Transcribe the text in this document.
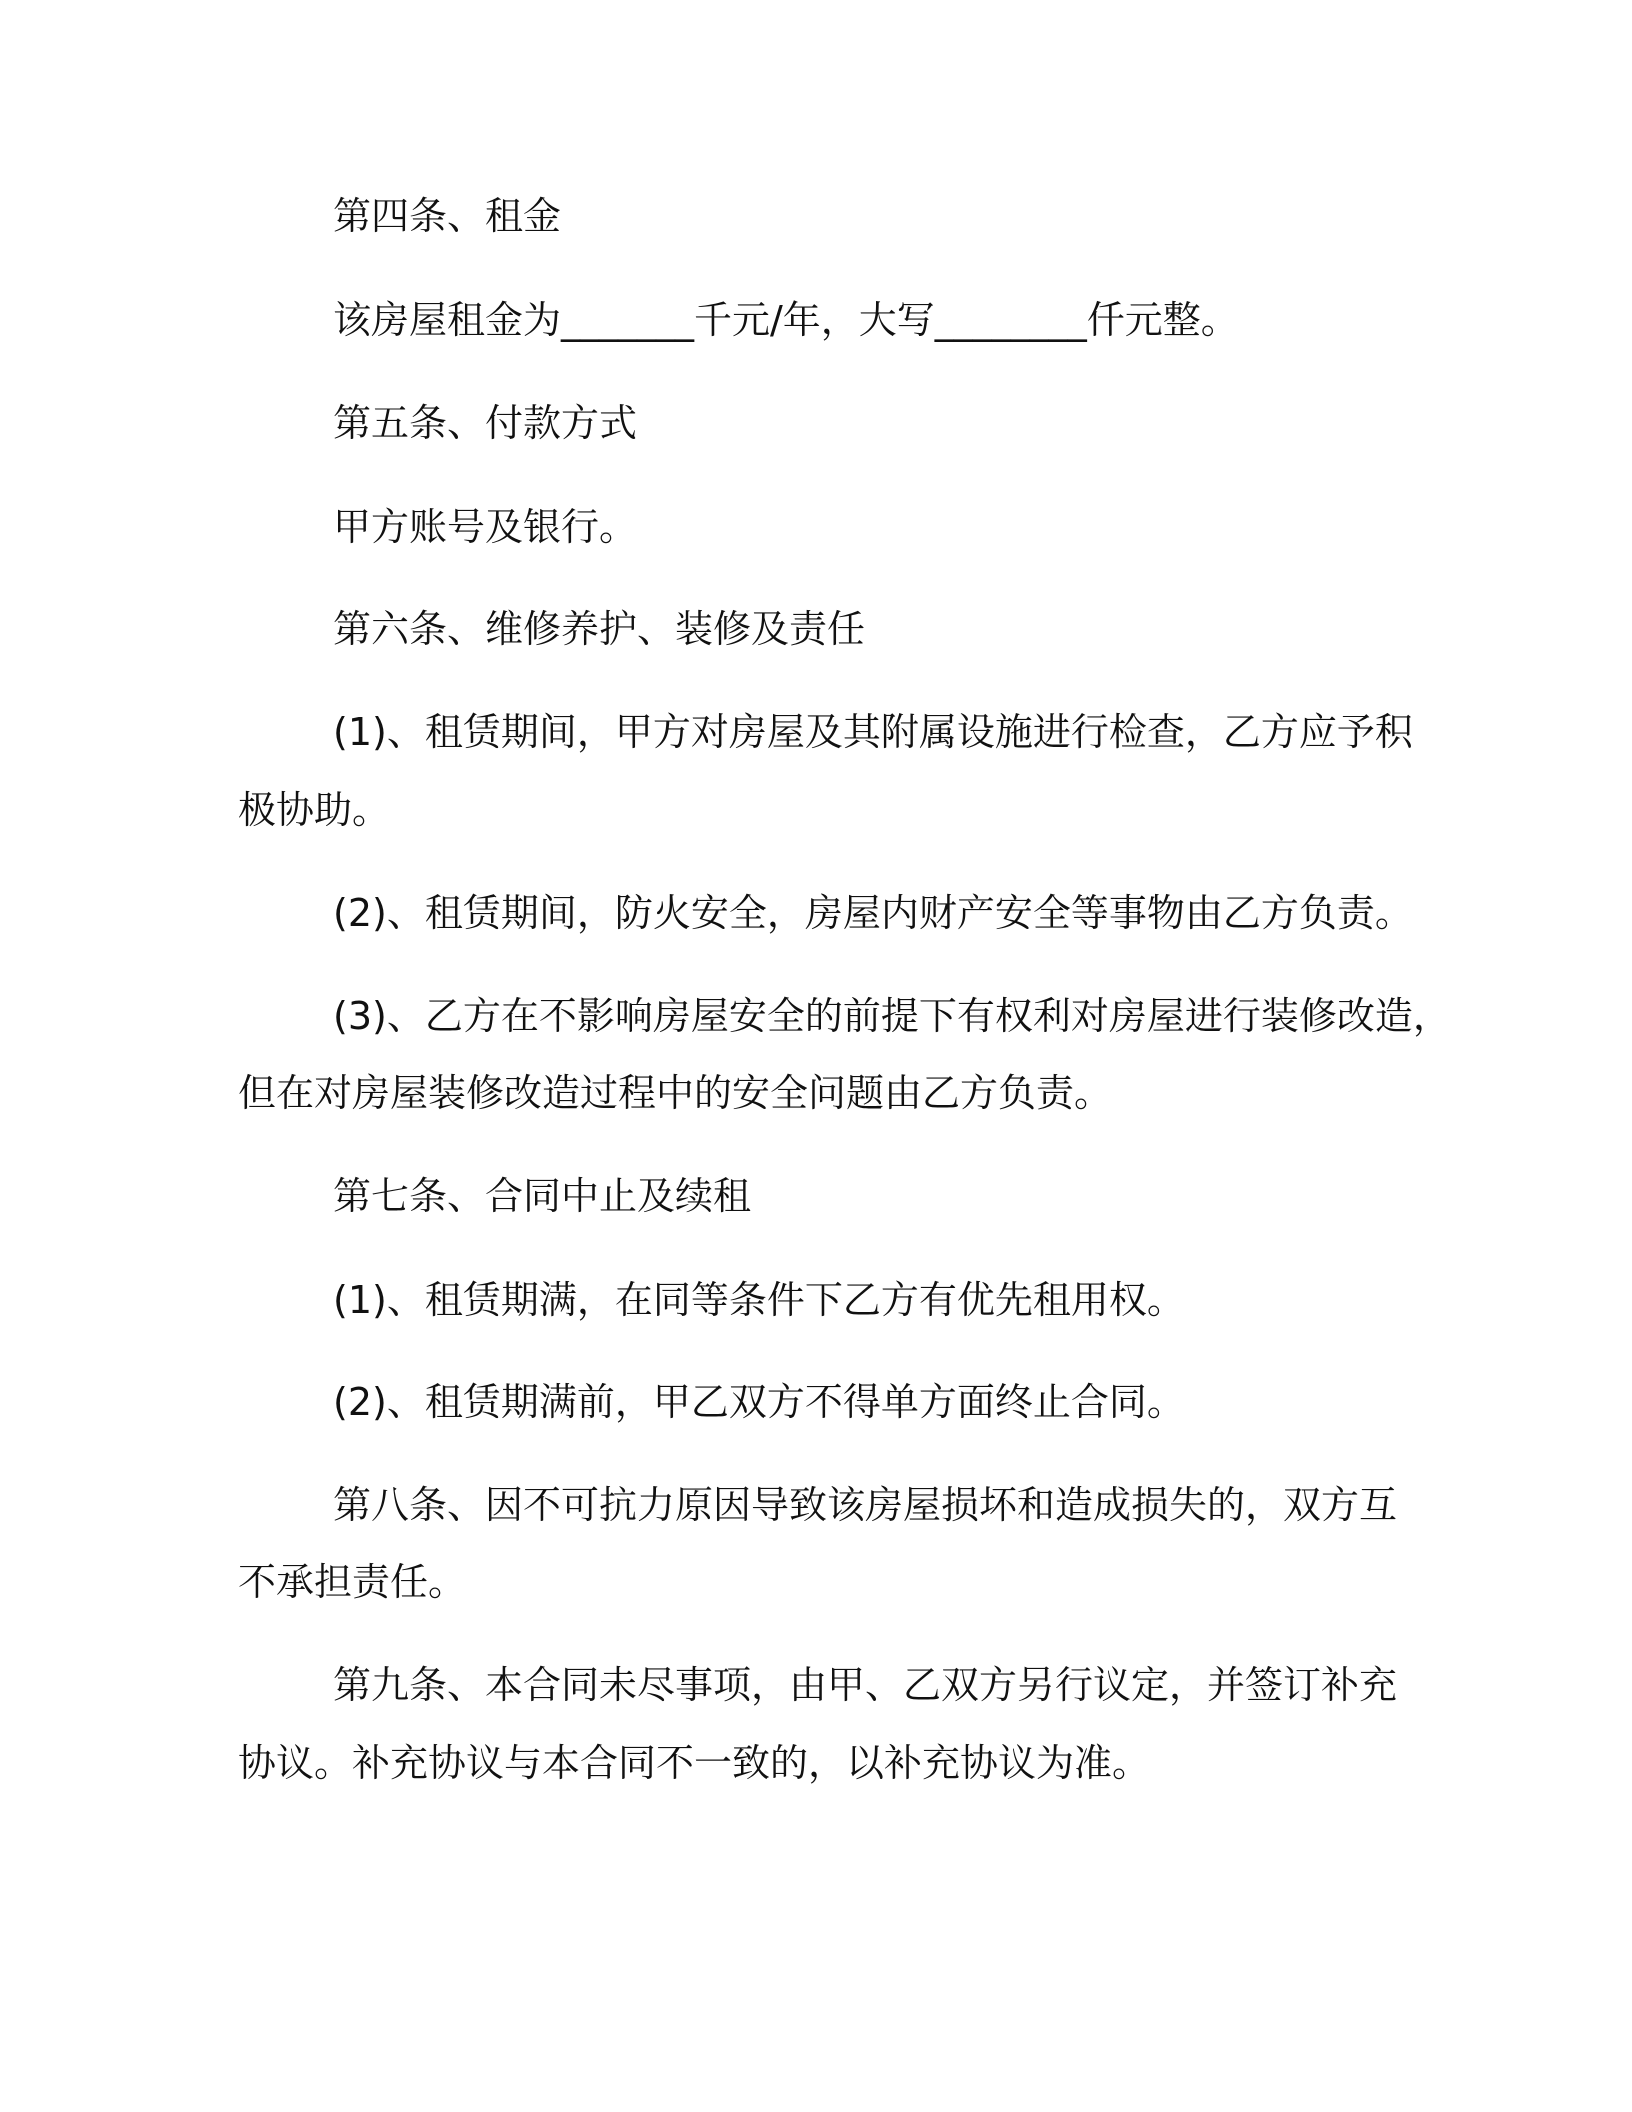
第四条、租金
该房屋租金为_______千元/年，大写________仟元整。
第五条、付款方式
甲方账号及银行。
第六条、维修养护、装修及责任
(1)、租赁期间，甲方对房屋及其附属设施进行检查，乙方应予积
极协助。
(2)、租赁期间，防火安全，房屋内财产安全等事物由乙方负责。
(3)、乙方在不影响房屋安全的前提下有权利对房屋进行装修改造，
但在对房屋装修改造过程中的安全问题由乙方负责。
第七条、合同中止及续租
(1)、租赁期满，在同等条件下乙方有优先租用权。
(2)、租赁期满前，甲乙双方不得单方面终止合同。
第八条、因不可抗力原因导致该房屋损坏和造成损失的，双方互
不承担责任。
第九条、本合同未尽事项，由甲、乙双方另行议定，并签订补充
协议。补充协议与本合同不一致的，以补充协议为准。
